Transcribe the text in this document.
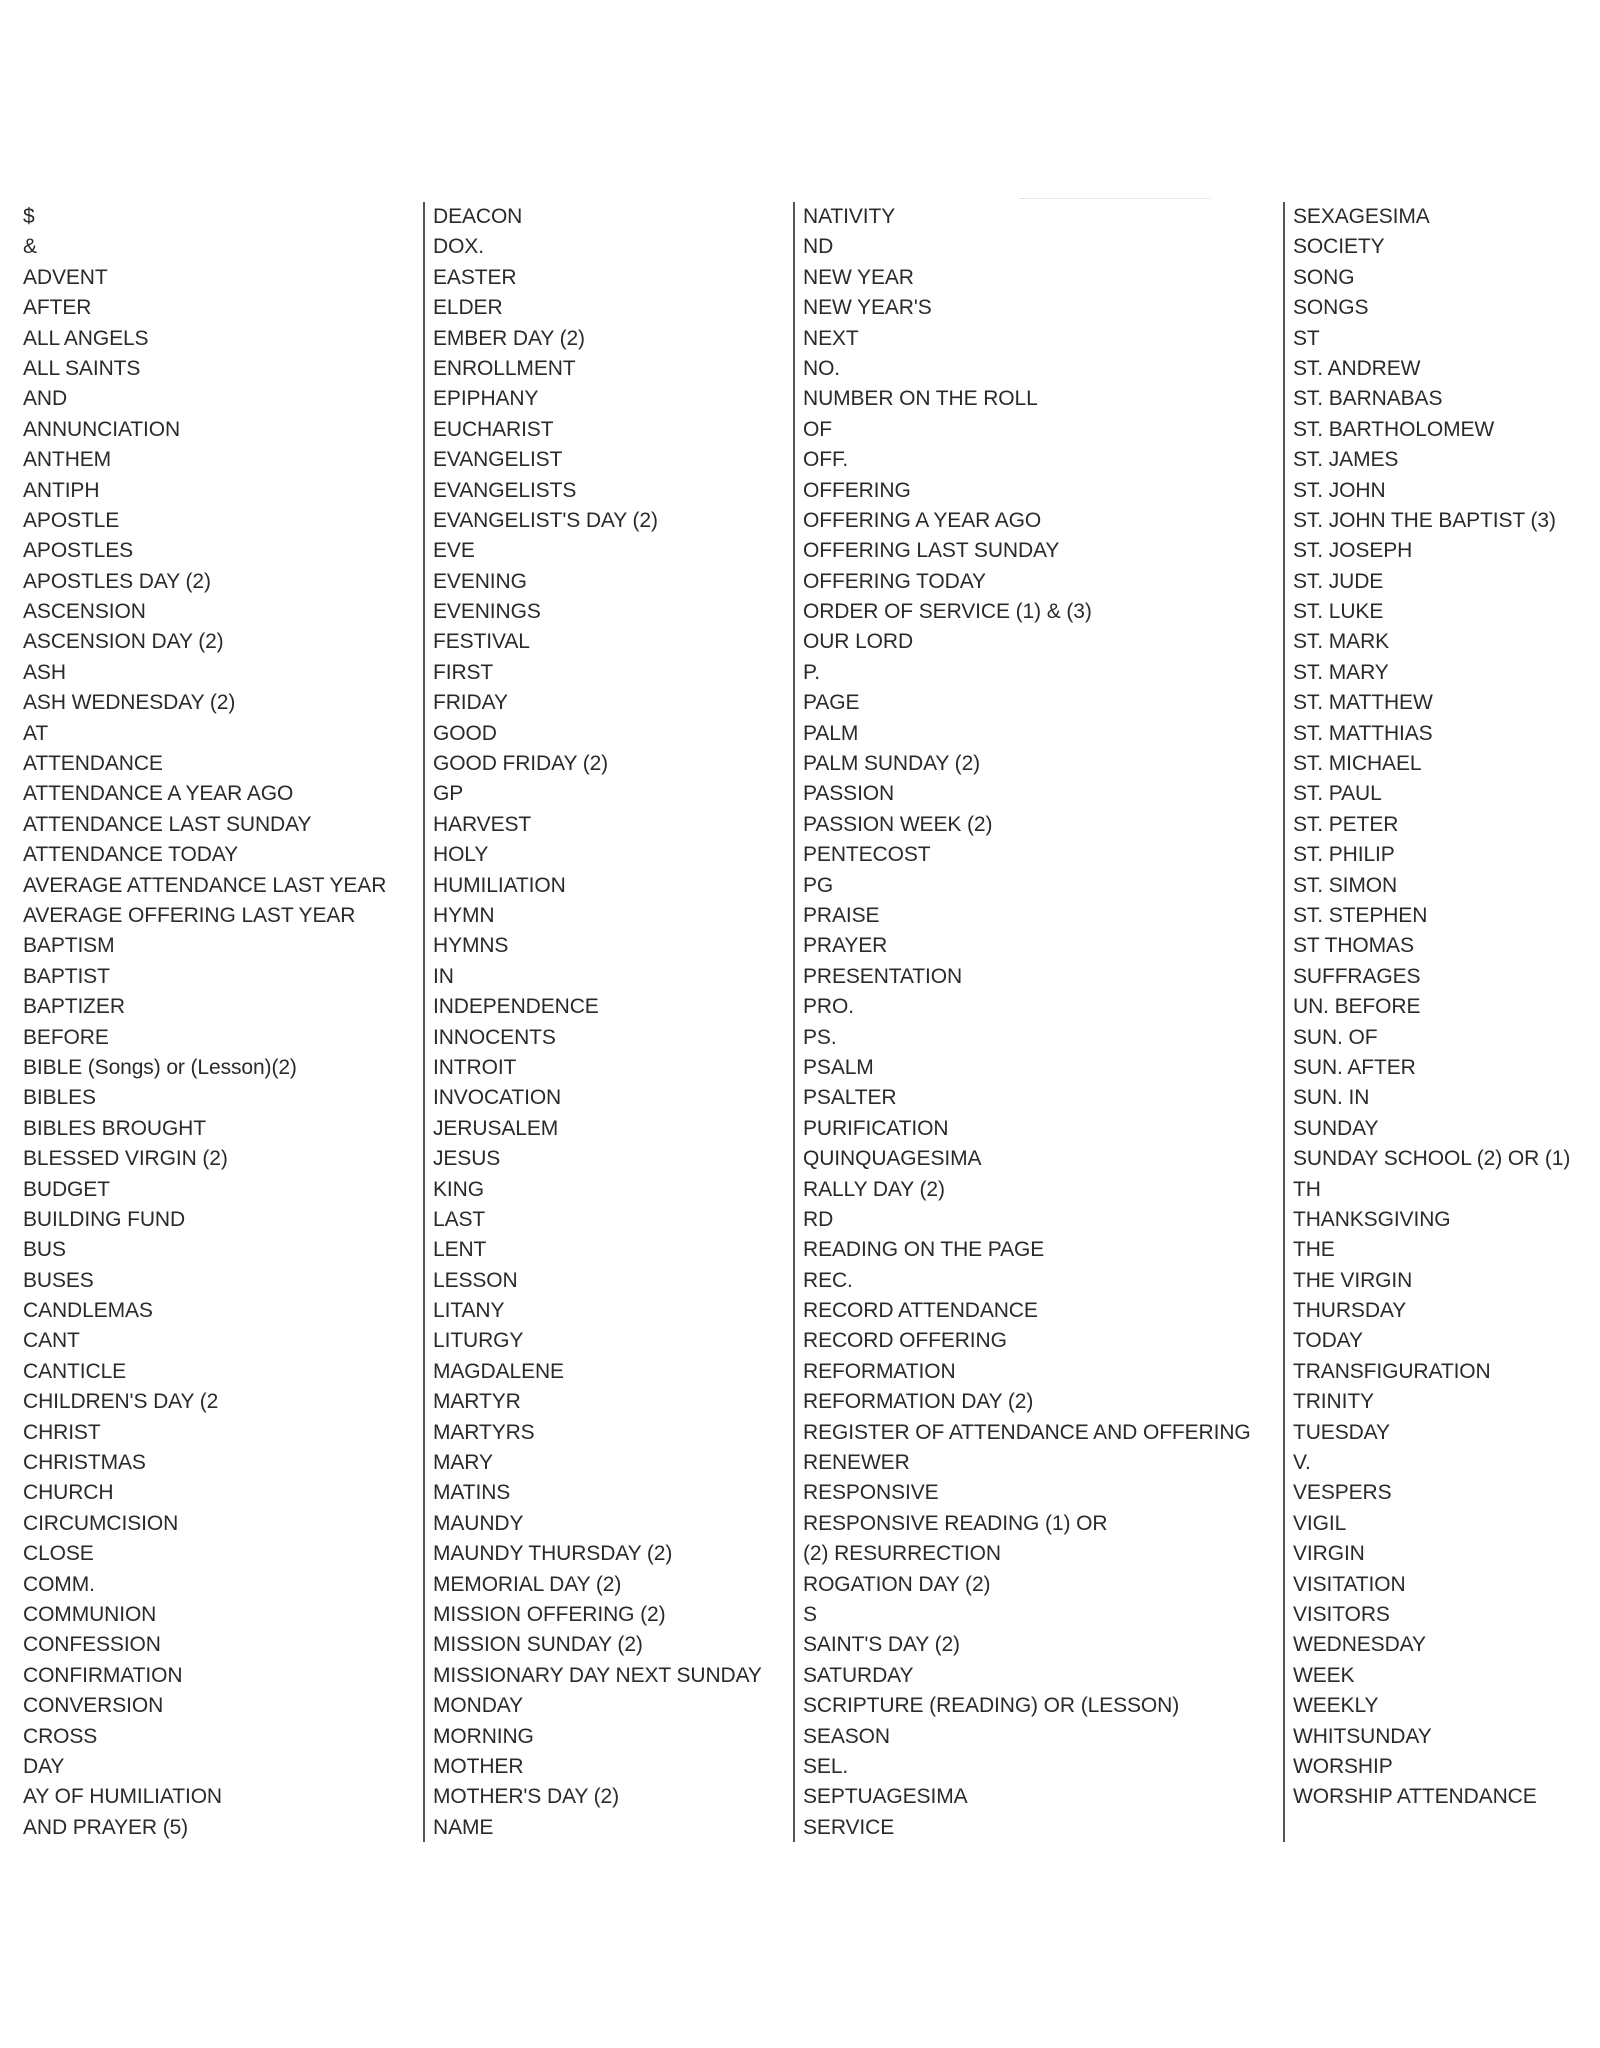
$
&
ADVENT
AFTER
ALL ANGELS
ALL SAINTS
AND
ANNUNCIATION
ANTHEM
ANTIPH
APOSTLE
APOSTLES
APOSTLES DAY (2)
ASCENSION
ASCENSION DAY (2)
ASH
ASH WEDNESDAY (2)
AT
ATTENDANCE
ATTENDANCE A YEAR AGO
ATTENDANCE LAST SUNDAY
ATTENDANCE TODAY
AVERAGE ATTENDANCE LAST YEAR
AVERAGE OFFERING LAST YEAR
BAPTISM
BAPTIST
BAPTIZER
BEFORE
BIBLE (Songs) or (Lesson)(2)
BIBLES
BIBLES BROUGHT
BLESSED VIRGIN (2)
BUDGET
BUILDING FUND
BUS
BUSES
CANDLEMAS
CANT
CANTICLE
CHILDREN'S DAY (2
CHRIST
CHRISTMAS
CHURCH
CIRCUMCISION
CLOSE
COMM.
COMMUNION
CONFESSION
CONFIRMATION
CONVERSION
CROSS
DAY
AY OF HUMILIATION
AND PRAYER (5)
DEACON
DOX.
EASTER
ELDER
EMBER DAY (2)
ENROLLMENT
EPIPHANY
EUCHARIST
EVANGELIST
EVANGELISTS
EVANGELIST'S DAY (2)
EVE
EVENING
EVENINGS
FESTIVAL
FIRST
FRIDAY
GOOD
GOOD FRIDAY (2)
GP
HARVEST
HOLY
HUMILIATION
HYMN
HYMNS
IN
INDEPENDENCE
INNOCENTS
INTROIT
INVOCATION
JERUSALEM
JESUS
KING
LAST
LENT
LESSON
LITANY
LITURGY
MAGDALENE
MARTYR
MARTYRS
MARY
MATINS
MAUNDY
MAUNDY THURSDAY (2)
MEMORIAL DAY (2)
MISSION OFFERING (2)
MISSION SUNDAY (2)
MISSIONARY DAY NEXT SUNDAY
MONDAY
MORNING
MOTHER
MOTHER'S DAY (2)
NAME
NATIVITY
ND
NEW YEAR
NEW YEAR'S
NEXT
NO.
NUMBER ON THE ROLL
OF
OFF.
OFFERING
OFFERING A YEAR AGO
OFFERING LAST SUNDAY
OFFERING TODAY
ORDER OF SERVICE (1) & (3)
OUR LORD
P.
PAGE
PALM
PALM SUNDAY (2)
PASSION
PASSION WEEK (2)
PENTECOST
PG
PRAISE
PRAYER
PRESENTATION
PRO.
PS.
PSALM
PSALTER
PURIFICATION
QUINQUAGESIMA
RALLY DAY (2)
RD
READING ON THE PAGE
REC.
RECORD ATTENDANCE
RECORD OFFERING
REFORMATION
REFORMATION DAY (2)
REGISTER OF ATTENDANCE AND OFFERING
RENEWER
RESPONSIVE
RESPONSIVE READING (1) OR
(2) RESURRECTION
ROGATION DAY (2)
S
SAINT'S DAY (2)
SATURDAY
SCRIPTURE (READING) OR (LESSON)
SEASON
SEL.
SEPTUAGESIMA
SERVICE
SEXAGESIMA
SOCIETY
SONG
SONGS
ST
ST. ANDREW
ST. BARNABAS
ST. BARTHOLOMEW
ST. JAMES
ST. JOHN
ST. JOHN THE BAPTIST (3)
ST. JOSEPH
ST. JUDE
ST. LUKE
ST. MARK
ST. MARY
ST. MATTHEW
ST. MATTHIAS
ST. MICHAEL
ST. PAUL
ST. PETER
ST. PHILIP
ST. SIMON
ST. STEPHEN
ST THOMAS
SUFFRAGES
UN. BEFORE
SUN. OF
SUN. AFTER
SUN. IN
SUNDAY
SUNDAY SCHOOL (2) OR (1)
TH
THANKSGIVING
THE
THE VIRGIN
THURSDAY
TODAY
TRANSFIGURATION
TRINITY
TUESDAY
V.
VESPERS
VIGIL
VIRGIN
VISITATION
VISITORS
WEDNESDAY
WEEK
WEEKLY
WHITSUNDAY
WORSHIP
WORSHIP ATTENDANCE
